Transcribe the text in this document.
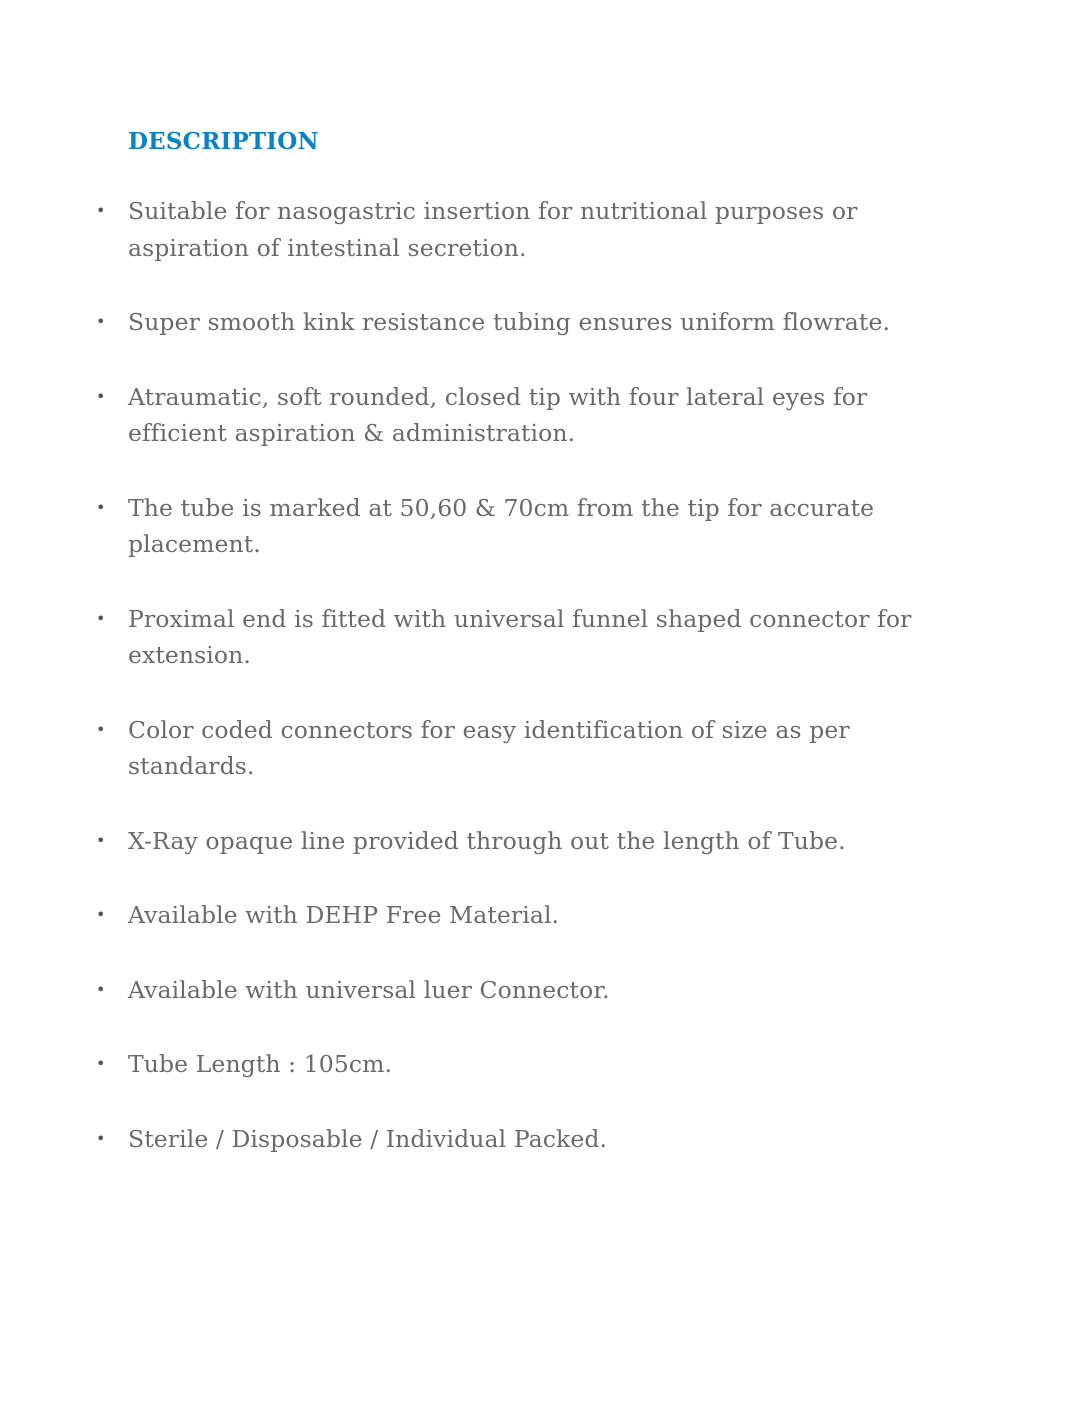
DESCRIPTION
• Suitable for nasogastric insertion for nutritional purposes or aspiration of intestinal secretion.
• Super smooth kink resistance tubing ensures uniform flowrate.
• Atraumatic, soft rounded, closed tip with four lateral eyes for efficient aspiration & administration.
• The tube is marked at 50,60 & 70cm from the tip for accurate placement.
• Proximal end is fitted with universal funnel shaped connector for extension.
• Color coded connectors for easy identification of size as per standards.
• X-Ray opaque line provided through out the length of Tube.
• Available with DEHP Free Material.
• Available with universal luer Connector.
• Tube Length : 105cm.
• Sterile / Disposable / Individual Packed.
